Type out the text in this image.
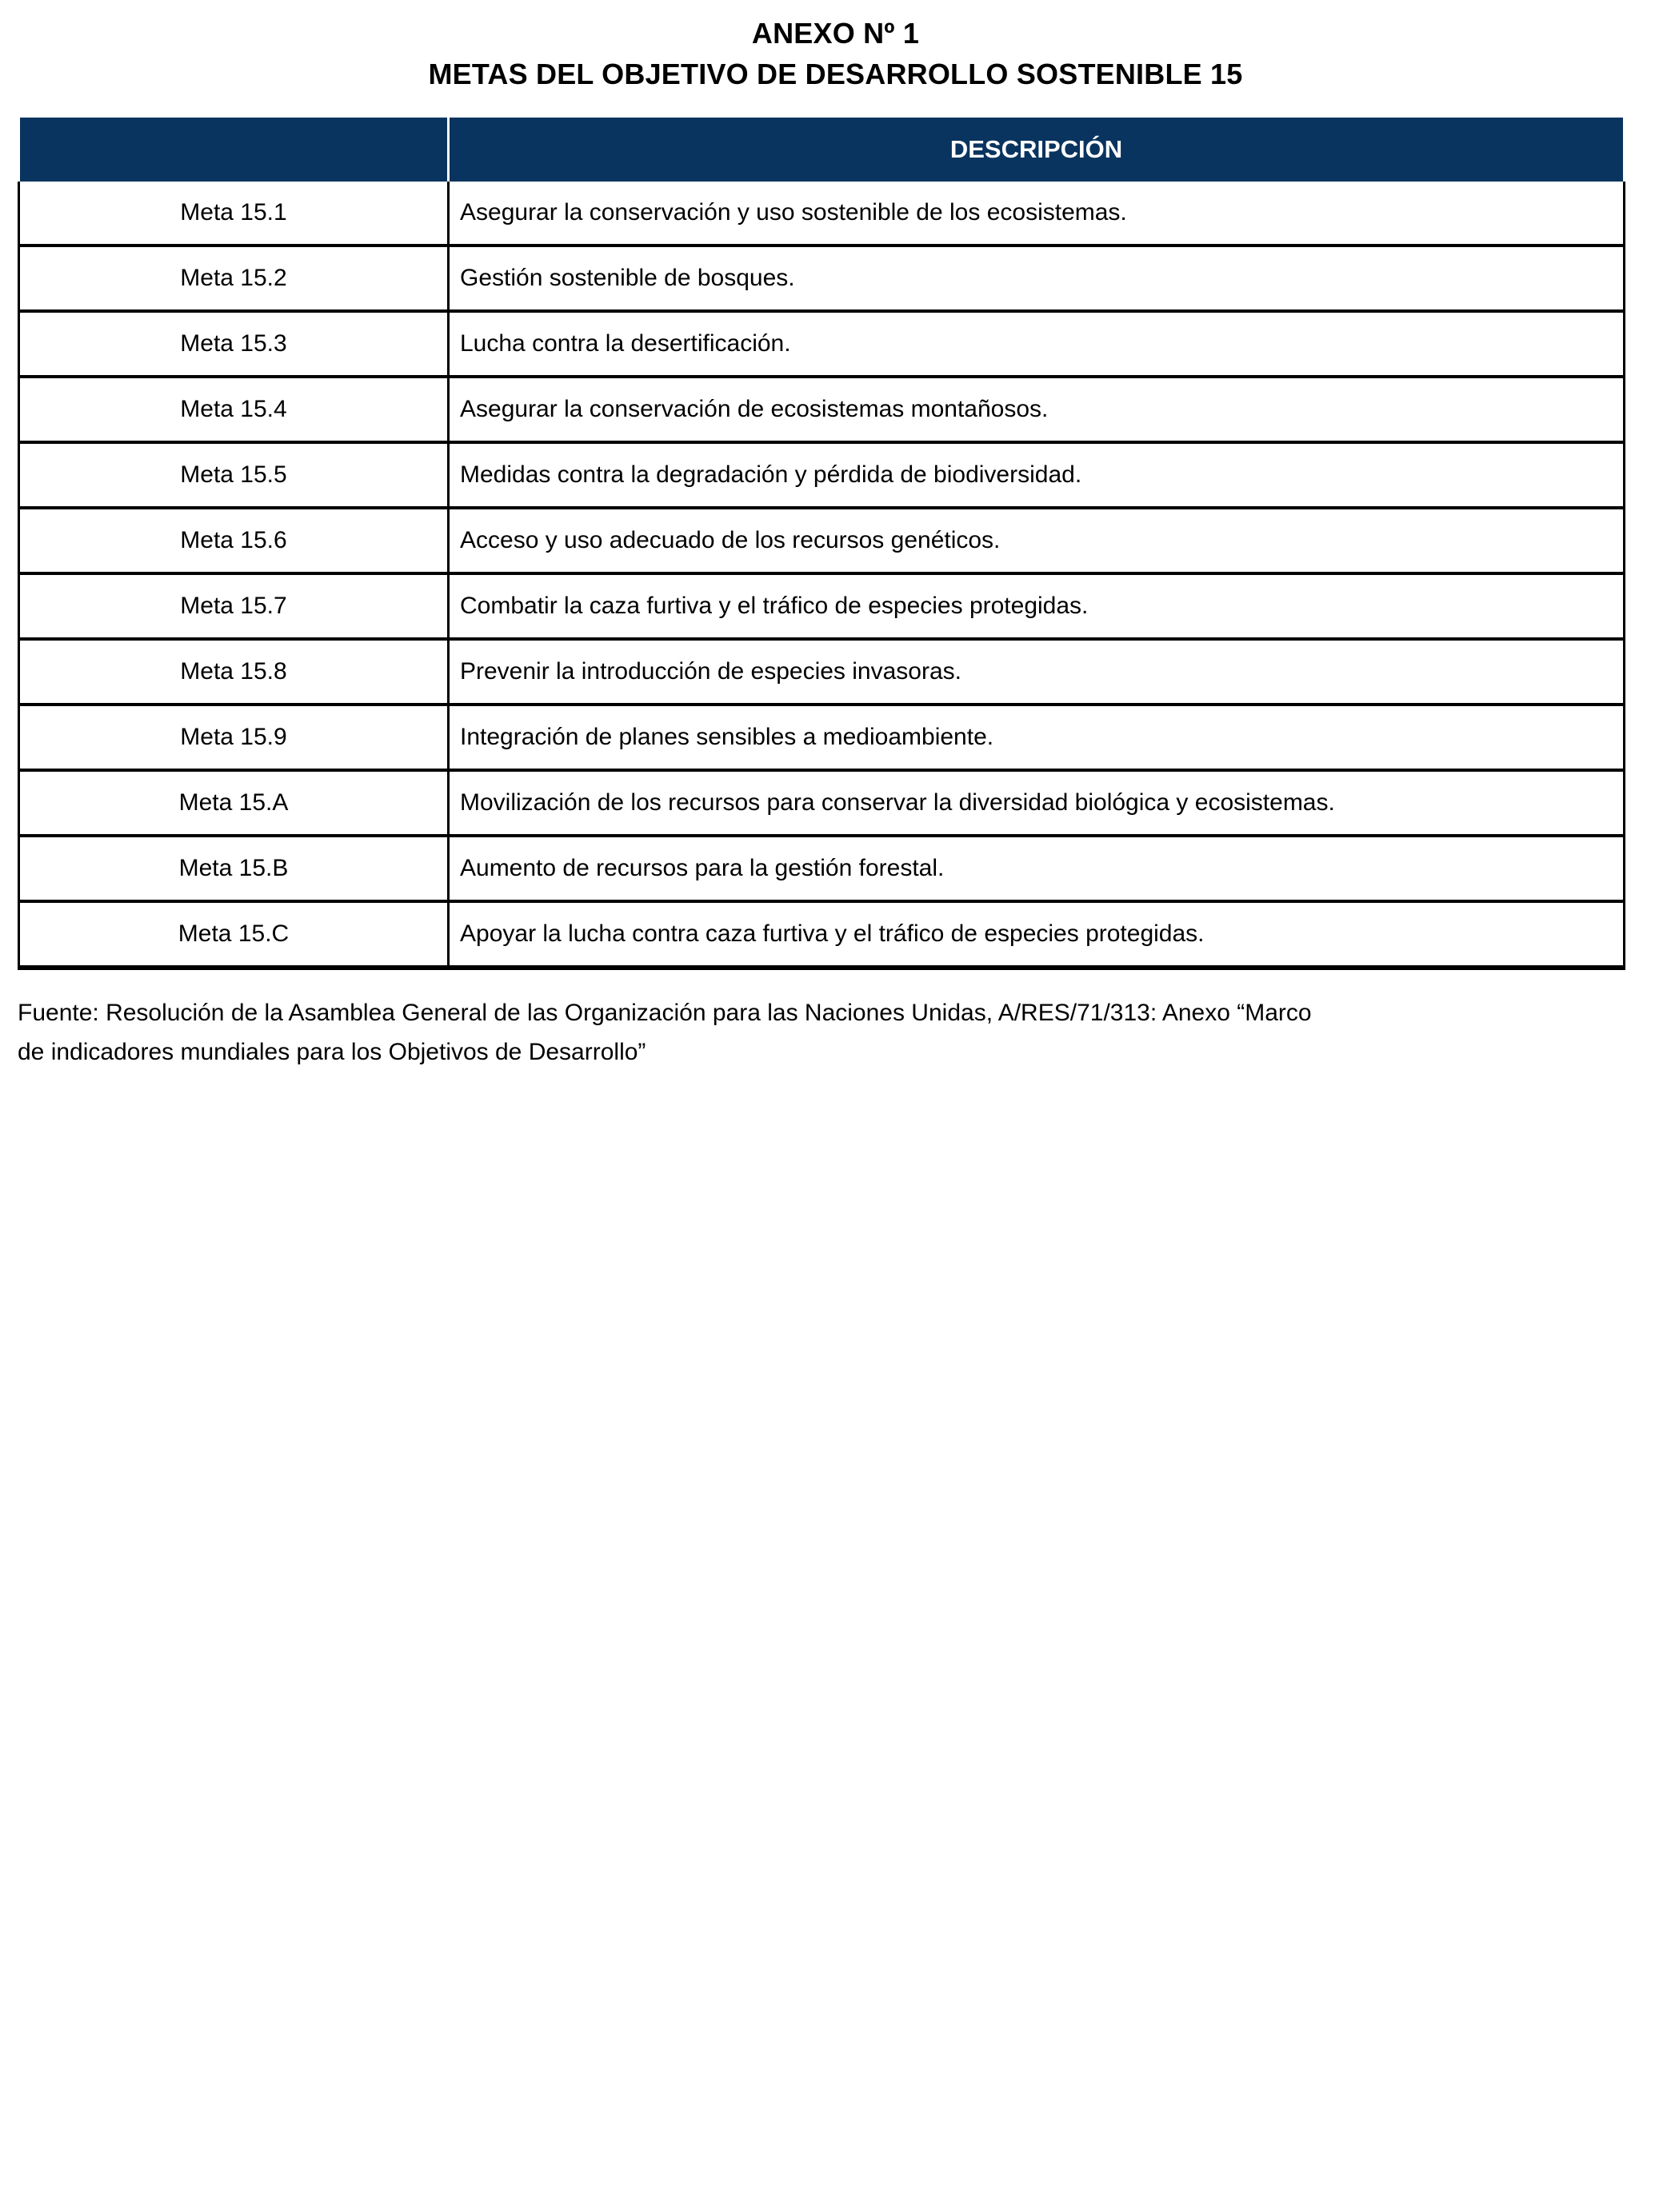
ANEXO Nº 1
METAS DEL OBJETIVO DE DESARROLLO SOSTENIBLE 15
	DESCRIPCIÓN
Meta 15.1	Asegurar la conservación y uso sostenible de los ecosistemas.
Meta 15.2	Gestión sostenible de bosques.
Meta 15.3	Lucha contra la desertificación.
Meta 15.4	Asegurar la conservación de ecosistemas montañosos.
Meta 15.5	Medidas contra la degradación y pérdida de biodiversidad.
Meta 15.6	Acceso y uso adecuado de los recursos genéticos.
Meta 15.7	Combatir la caza furtiva y el tráfico de especies protegidas.
Meta 15.8	Prevenir la introducción de especies invasoras.
Meta 15.9	Integración de planes sensibles a medioambiente.
Meta 15.A	Movilización de los recursos para conservar la diversidad biológica y ecosistemas.
Meta 15.B	Aumento de recursos para la gestión forestal.
Meta 15.C	Apoyar la lucha contra caza furtiva y el tráfico de especies protegidas.
Fuente: Resolución de la Asamblea General de las Organización para las Naciones Unidas, A/RES/71/313: Anexo “Marco
de indicadores mundiales para los Objetivos de Desarrollo”
